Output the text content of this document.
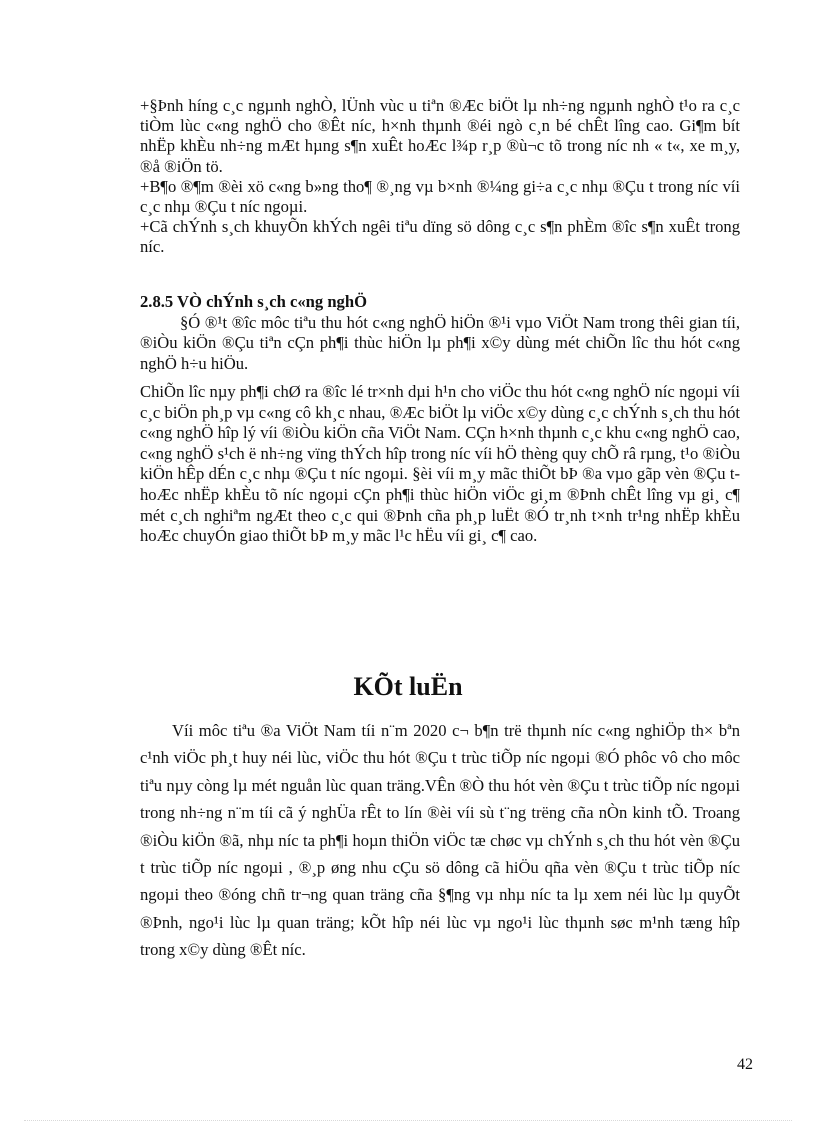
+§Þnh híng c¸c ngµnh nghÒ, lÜnh vùc u tiªn ®Æc biÖt lµ nh÷ng ngµnh nghÒ t¹o ra c¸c tiÒm lùc c«ng nghÖ cho ®Êt níc, h×nh thµnh ®éi ngò c¸n bé chÊt lîng cao. Gi¶m bít nhËp khÈu nh÷ng mÆt hµng s¶n xuÊt hoÆc l¾p r¸p ®ù¬c tõ trong níc nh « t«, xe m¸y, ®å ®iÖn tö.

+B¶o ®¶m ®èi xö c«ng b»ng tho¶ ®¸ng vµ b×nh ®¼ng gi÷a c¸c nhµ ®Çu t trong níc víi c¸c nhµ ®Çu t níc ngoµi.

+Cã chÝnh s¸ch khuyÕn khÝch ngêi tiªu dïng sö dông c¸c s¶n phÈm ®îc s¶n xuÊt trong níc.

2.8.5 VÒ chÝnh s¸ch c«ng nghÖ

§Ó ®¹t ®îc môc tiªu thu hót c«ng nghÖ hiÖn ®¹i vµo ViÖt Nam trong thêi gian tíi, ®iÒu kiÖn ®Çu tiªn cÇn ph¶i thùc hiÖn lµ ph¶i x©y dùng mét chiÕn lîc thu hót c«ng nghÖ h÷u hiÖu.

ChiÕn lîc nµy ph¶i chØ ra ®îc lé tr×nh dµi h¹n cho viÖc thu hót c«ng nghÖ níc ngoµi víi c¸c biÖn ph¸p vµ c«ng cô kh¸c nhau, ®Æc biÖt lµ viÖc x©y dùng c¸c chÝnh s¸ch thu hót c«ng nghÖ hîp lý víi ®iÒu kiÖn cña ViÖt Nam. CÇn h×nh thµnh c¸c khu c«ng nghÖ cao, c«ng nghÖ s¹ch ë nh÷ng vïng thÝch hîp trong níc víi hÖ thèng quy chÕ râ rµng, t¹o ®iÒu kiÖn hÊp dÉn c¸c nhµ ®Çu t níc ngoµi. §èi víi m¸y mãc thiÕt bÞ ®a vµo gãp vèn ®Çu t hoÆc nhËp khÈu tõ níc ngoµi cÇn ph¶i thùc hiÖn viÖc gi¸m ®Þnh chÊt lîng vµ gi¸ c¶ mét c¸ch nghiªm ngÆt theo c¸c qui ®Þnh cña ph¸p luËt ®Ó tr¸nh t×nh tr¹ng nhËp khÈu hoÆc chuyÓn giao thiÕt bÞ m¸y mãc l¹c hËu víi gi¸ c¶ cao.

KÕt luËn

Víi môc tiªu ®a ViÖt Nam tíi n¨m 2020 c¬ b¶n trë thµnh níc c«ng nghiÖp th× bªn c¹nh viÖc ph¸t huy néi lùc, viÖc thu hót ®Çu t trùc tiÕp níc ngoµi ®Ó phôc vô cho môc tiªu nµy còng lµ mét nguån lùc quan träng.VÊn ®Ò thu hót vèn ®Çu t trùc tiÕp níc ngoµi trong nh÷ng n¨m tíi cã ý nghÜa rÊt to lín ®èi víi sù t¨ng trëng cña nÒn kinh tÕ. Troang ®iÒu kiÖn ®ã, nhµ níc ta ph¶i hoµn thiÖn viÖc tæ chøc vµ chÝnh s¸ch thu hót vèn ®Çu t trùc tiÕp níc ngoµi , ®¸p øng nhu cÇu sö dông cã hiÖu qña vèn ®Çu t trùc tiÕp níc ngoµi theo ®óng chñ tr¬ng quan träng cña §¶ng vµ nhµ níc ta lµ xem néi lùc lµ quyÕt ®Þnh, ngo¹i lùc lµ quan träng; kÕt hîp néi lùc vµ ngo¹i lùc thµnh søc m¹nh tæng hîp trong x©y dùng ®Êt níc.

42
